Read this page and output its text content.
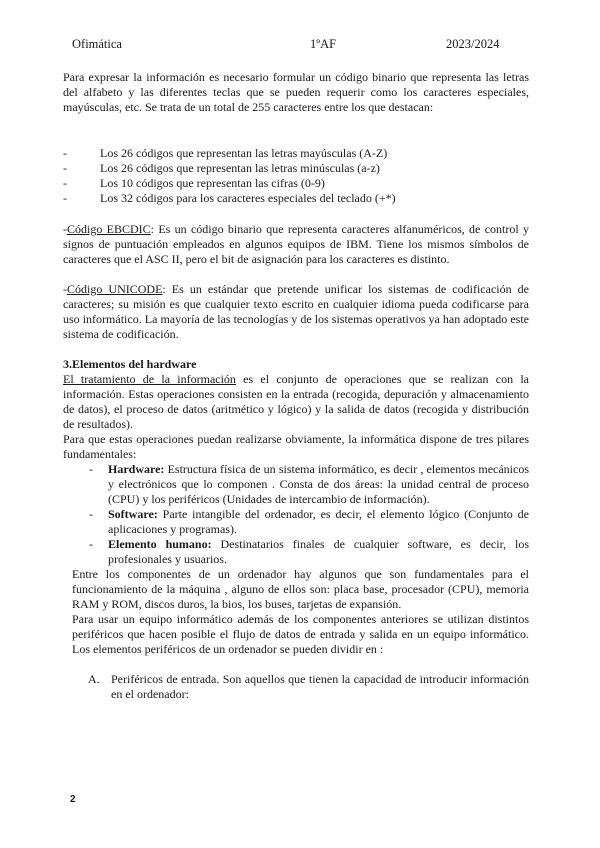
Ofimática	1ºAF	2023/2024

Para expresar la información es necesario formular un código binario que representa las letras del alfabeto y las diferentes teclas que se pueden requerir como los caracteres especiales, mayúsculas, etc. Se trata de un total de 255 caracteres entre los que destacan:

- Los 26 códigos que representan las letras mayúsculas (A-Z)
- Los 26 códigos que representan las letras minúsculas (a-z)
- Los 10 códigos que representan las cifras (0-9)
- Los 32 códigos para los caracteres especiales del teclado (+*)

-Código EBCDIC: Es un código binario que representa caracteres alfanuméricos, de control y signos de puntuación empleados en algunos equipos de IBM. Tiene los mismos símbolos de caracteres que el ASC II, pero el bit de asignación para los caracteres es distinto.

-Código UNICODE: Es un estándar que pretende unificar los sistemas de codificación de caracteres; su misión es que cualquier texto escrito en cualquier idioma pueda codificarse para uso informático. La mayoría de las tecnologías y de los sistemas operativos ya han adoptado este sistema de codificación.

3.Elementos del hardware

El tratamiento de la información es el conjunto de operaciones que se realizan con la información. Estas operaciones consisten en la entrada (recogida, depuración y almacenamiento de datos), el proceso de datos (aritmético y lógico) y la salida de datos (recogida y distribución de resultados).

Para que estas operaciones puedan realizarse obviamente, la informática dispone de tres pilares fundamentales:

- Hardware: Estructura física de un sistema informático, es decir , elementos mecánicos y electrónicos que lo componen . Consta de dos áreas: la unidad central de proceso (CPU) y los periféricos (Unidades de intercambio de información).
- Software: Parte intangible del ordenador, es decir, el elemento lógico (Conjunto de aplicaciones y programas).
- Elemento humano: Destinatarios finales de cualquier software, es decir, los profesionales y usuarios.

Entre los componentes de un ordenador hay algunos que son fundamentales para el funcionamiento de la máquina , alguno de ellos son: placa base, procesador (CPU), memoria RAM y ROM, discos duros, la bios, los buses, tarjetas de expansión.

Para usar un equipo informático además de los componentes anteriores se utilizan distintos periféricos que hacen posible el flujo de datos de entrada y salida en un equipo informático. Los elementos periféricos de un ordenador se pueden dividir en :

A. Periféricos de entrada. Son aquellos que tienen la capacidad de introducir información en el ordenador:
2
